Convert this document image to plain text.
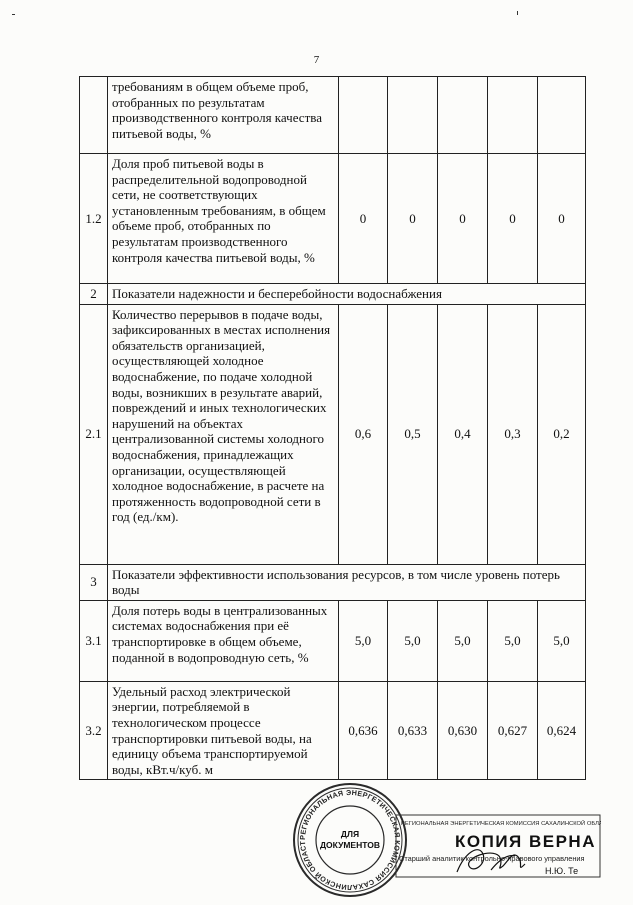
7
	требованиям в общем объеме проб, отобранных по результатам производственного контроля качества питьевой воды, %					
1.2	Доля проб питьевой воды в распределительной водопроводной сети, не соответствующих установленным требованиям, в общем объеме проб, отобранных по результатам производственного контроля качества питьевой воды, %	0	0	0	0	0
2	Показатели надежности и бесперебойности водоснабжения					
2.1	Количество перерывов в подаче воды, зафиксированных в местах исполнения обязательств организацией, осуществляющей холодное водоснабжение, по подаче холодной воды, возникших в результате аварий, повреждений и иных технологических нарушений на объектах централизованной системы холодного водоснабжения, принадлежащих организации, осуществляющей холодное водоснабжение, в расчете на протяженность водопроводной сети в год (ед./км).	0,6	0,5	0,4	0,3	0,2
3	Показатели эффективности использования ресурсов, в том числе уровень потерь воды					
3.1	Доля потерь воды в централизованных системах водоснабжения при её транспортировке в общем объеме, поданной в водопроводную сеть, %	5,0	5,0	5,0	5,0	5,0
3.2	Удельный расход электрической энергии, потребляемой в технологическом процессе транспортировки питьевой воды, на единицу объема транспортируемой воды, кВт.ч/куб. м	0,636	0,633	0,630	0,627	0,624
РЕГИОНАЛЬНАЯ ЭНЕРГЕТИЧЕСКАЯ КОМИССИЯ САХАЛИНСКОЙ ОБЛАСТ
ДЛЯ
ДОКУМЕНТОВ
РЕГИОНАЛЬНАЯ ЭНЕРГЕТИЧЕСКАЯ КОМИССИЯ САХАЛИНСКОЙ ОБЛАСТИ
КОПИЯ ВЕРНА
Старший аналитик контрольно-правового управления
Н.Ю. Те
